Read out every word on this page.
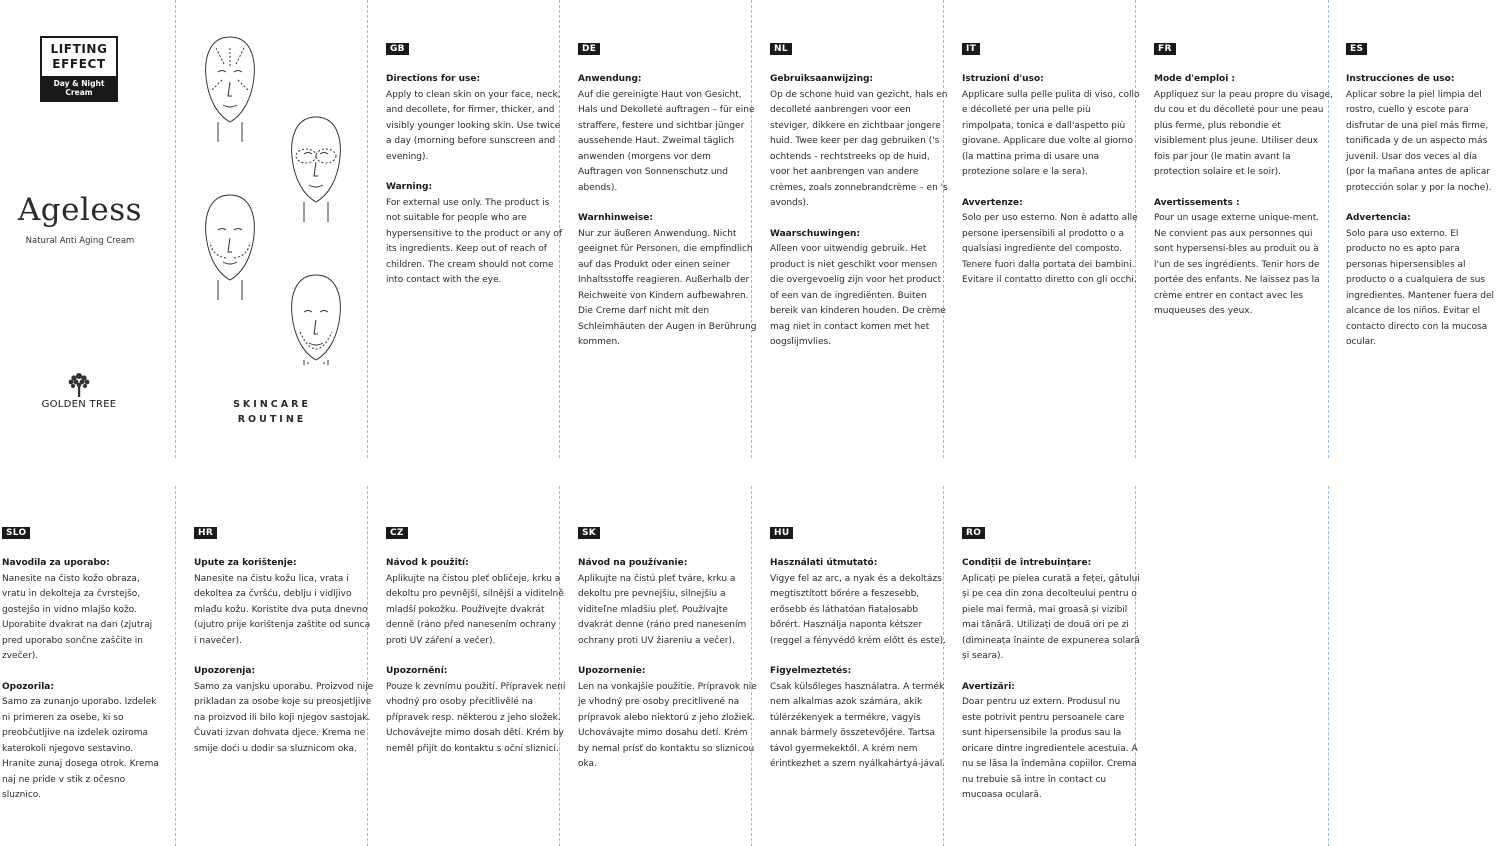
LIFTING
EFFECT
Day & Night Cream
Ageless
Natural Anti Aging Cream
GOLDEN TREE	SKINCARE ROUTINE
GB
Directions for use:
Apply to clean skin on your face, neck, and decollete, for firmer, thicker, and visibly younger looking skin. Use twice a day (morning before sunscreen and evening).
Warning:
For external use only. The product is not suitable for people who are hypersensitive to the product or any of its ingredients. Keep out of reach of children. The cream should not come into contact with the eye.
DE
Anwendung:
Auf die gereinigte Haut von Gesicht, Hals und Dekolleté auftragen – für eine straffere, festere und sichtbar jünger aussehende Haut. Zweimal täglich anwenden (morgens vor dem Auftragen von Sonnenschutz und abends).
Warnhinweise:
Nur zur äußeren Anwendung. Nicht geeignet für Personen, die empfindlich auf das Produkt oder einen seiner Inhaltsstoffe reagieren. Außerhalb der Reichweite von Kindern aufbewahren. Die Creme darf nicht mit den Schleimhäuten der Augen in Berührung kommen.
NL
Gebruiksaanwijzing:
Op de schone huid van gezicht, hals en decolleté aanbrengen voor een steviger, dikkere en zichtbaar jongere huid. Twee keer per dag gebruiken ('s ochtends - rechtstreeks op de huid, voor het aanbrengen van andere crèmes, zoals zonnebrandcrème – en 's avonds).
Waarschuwingen:
Alleen voor uitwendig gebruik. Het product is niet geschikt voor mensen die overgevoelig zijn voor het product of een van de ingrediënten. Buiten bereik van kinderen houden. De crème mag niet in contact komen met het oogslijmvlies.
IT
Istruzioni d'uso:
Applicare sulla pelle pulita di viso, collo e décolleté per una pelle più rimpolpata, tonica e dall'aspetto più giovane. Applicare due volte al giorno (la mattina prima di usare una protezione solare e la sera).
Avvertenze:
Solo per uso esterno. Non è adatto alle persone ipersensibili al prodotto o a qualsiasi ingrediente del composto. Tenere fuori dalla portata dei bambini. Evitare il contatto diretto con gli occhi.
FR
Mode d'emploi :
Appliquez sur la peau propre du visage, du cou et du décolleté pour une peau plus ferme, plus rebondie et visiblement plus jeune. Utiliser deux fois par jour (le matin avant la protection solaire et le soir).
Avertissements :
Pour un usage externe unique-ment. Ne convient pas aux personnes qui sont hypersensi-bles au produit ou à l'un de ses ingrédients. Tenir hors de portée des enfants. Ne laissez pas la crème entrer en contact avec les muqueuses des yeux.
ES
Instrucciones de uso:
Aplicar sobre la piel limpia del rostro, cuello y escote para disfrutar de una piel más firme, tonificada y de un aspecto más juvenil. Usar dos veces al día (por la mañana antes de aplicar protección solar y por la noche).
Advertencia:
Solo para uso externo. El producto no es apto para personas hipersensibles al producto o a cualquiera de sus ingredientes. Mantener fuera del alcance de los niños. Evitar el contacto directo con la mucosa ocular.
SLO
Navodila za uporabo:
Nanesite na čisto kožo obraza, vratu in dekolteja za čvrstejšo, gostejšo in vidno mlajšo kožo. Uporabite dvakrat na dan (zjutraj pred uporabo sončne zaščite in zvečer).
Opozorila:
Samo za zunanjo uporabo. Izdelek ni primeren za osebe, ki so preobčutljive na izdelek oziroma katerokoli njegovo sestavino. Hranite zunaj dosega otrok. Krema naj ne pride v stik z očesno sluznico.
HR
Upute za korištenje:
Nanesite na čistu kožu lica, vrata i dekoltea za čvršću, deblju i vidljivo mlađu kožu. Koristite dva puta dnevno (ujutro prije korištenja zaštite od sunca i navečer).
Upozorenja:
Samo za vanjsku uporabu. Proizvod nije prikladan za osobe koje su preosjetljive na proizvod ili bilo koji njegov sastojak. Čuvati izvan dohvata djece. Krema ne smije doći u dodir sa sluznicom oka.
CZ
Návod k použití:
Aplikujte na čistou pleť obličeje, krku a dekoltu pro pevnější, silnější a viditelně mladší pokožku. Používejte dvakrát denně (ráno před nanesením ochrany proti UV záření a večer).
Upozornění:
Pouze k zevnímu použití. Přípravek není vhodný pro osoby přecitlivělé na přípravek resp. některou z jeho složek. Uchovávejte mimo dosah dětí. Krém by neměl přijít do kontaktu s oční sliznicí.
SK
Návod na používanie:
Aplikujte na čistú pleť tváre, krku a dekoltu pre pevnejšiu, silnejšiu a viditeľne mladšiu pleť. Používajte dvakrát denne (ráno pred nanesením ochrany proti UV žiareniu a večer).
Upozornenie:
Len na vonkajšie použitie. Prípravok nie je vhodný pre osoby precitlivené na prípravok alebo niektorú z jeho zložiek. Uchovávajte mimo dosahu detí. Krém by nemal prísť do kontaktu so sliznicou oka.
HU
Használati útmutató:
Vigye fel az arc, a nyak és a dekoltázs megtisztított bőrére a feszesebb, erősebb és láthatóan fiatalosabb bőrért. Használja naponta kétszer (reggel a fényvédő krém előtt és este).
Figyelmeztetés:
Csak külsőleges használatra. A termék nem alkalmas azok számára, akik túlérzékenyek a termékre, vagyis annak bármely összetevőjére. Tartsa távol gyermekektől. A krém nem érintkezhet a szem nyálkahártyá-jával.
RO
Condiții de întrebuințare:
Aplicați pe pielea curată a feței, gâtului și pe cea din zona decolteului pentru o piele mai fermă, mai groasă și vizibil mai tânără. Utilizați de două ori pe zi (dimineața înainte de expunerea solară și seara).
Avertizări:
Doar pentru uz extern. Produsul nu este potrivit pentru persoanele care sunt hipersensibile la produs sau la oricare dintre ingredientele acestuia. A nu se lăsa la îndemâna copiilor. Crema nu trebuie să intre în contact cu mucoasa oculară.
